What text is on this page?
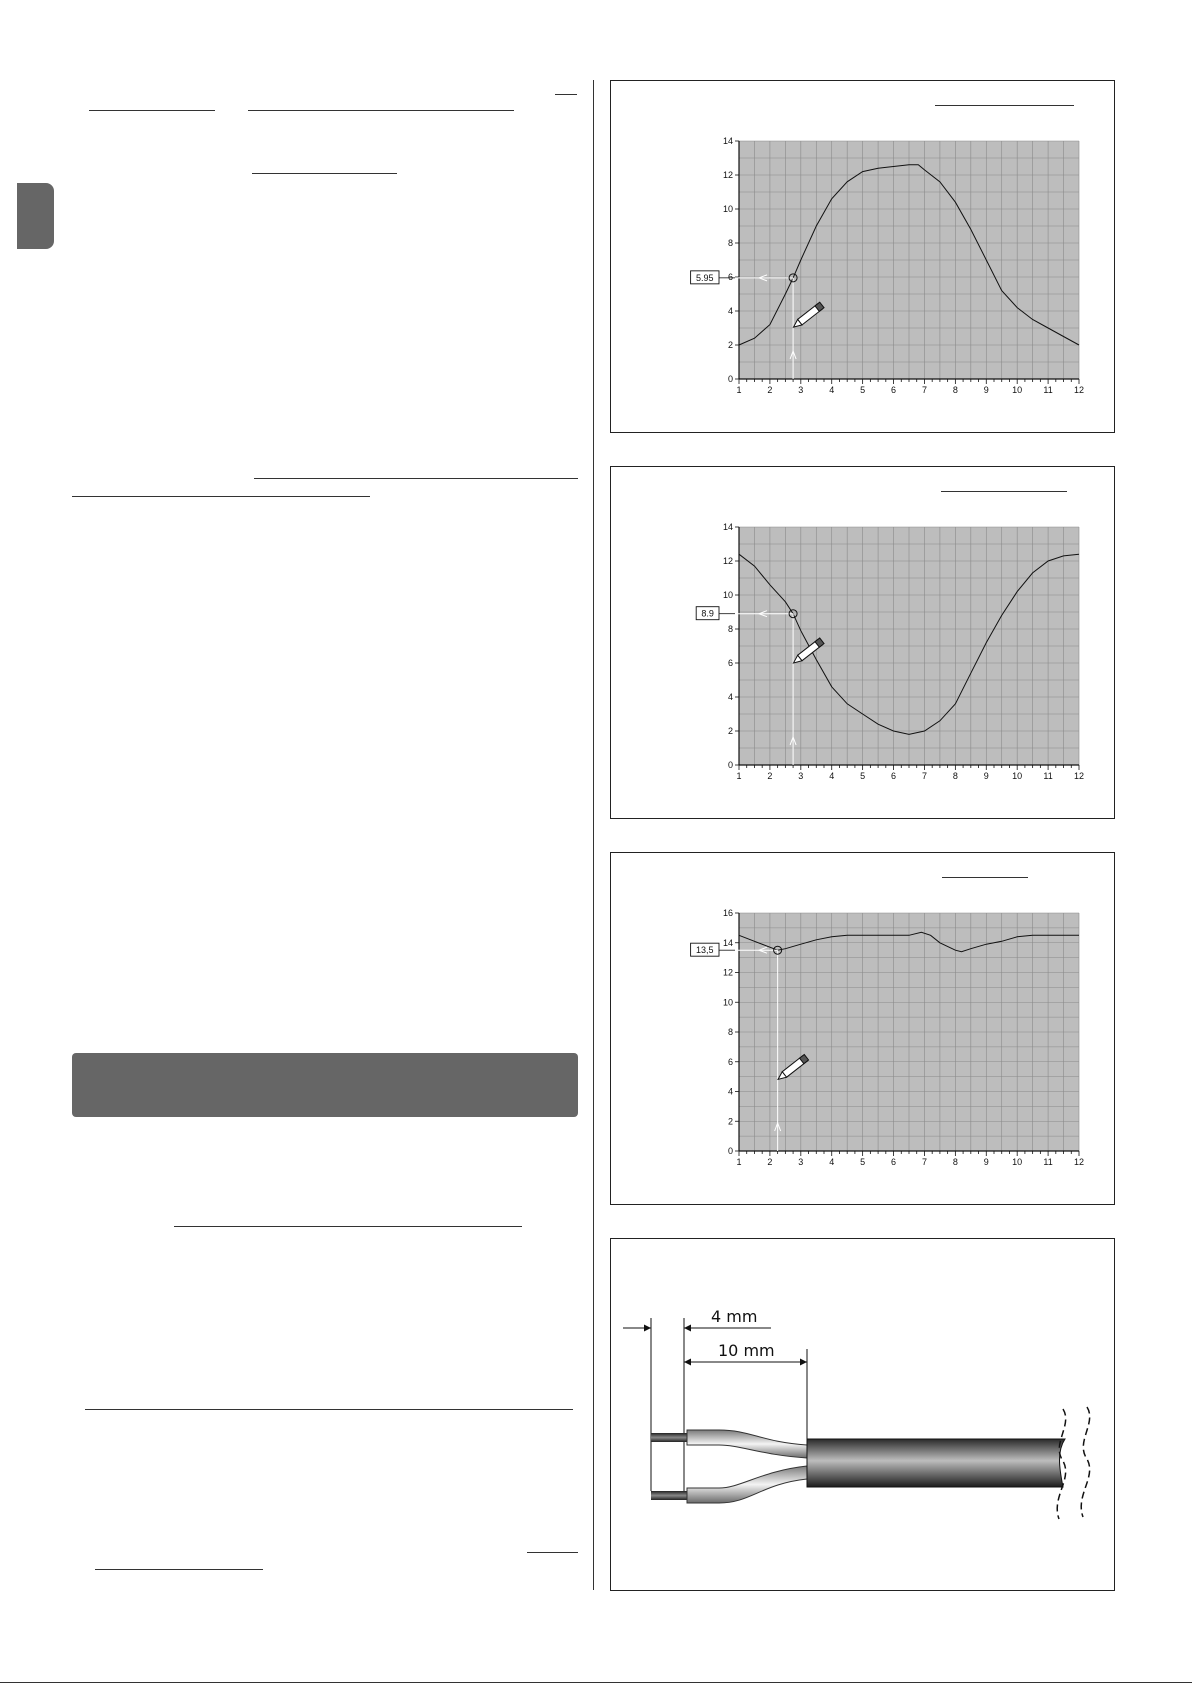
1	2	3	4	5	6	7	8	9	10 11 12
0
2
4
6
8
10
12
14
5.95
1	2	3	4	5	6	7	8	9	10 11 12
0
2
4
6
8
10
12
14
8.9
1	2	3	4	5	6	7	8	9	10 11 12
0
2
4
6
8
10
12
14
16
13,5
4 mm
10 mm
